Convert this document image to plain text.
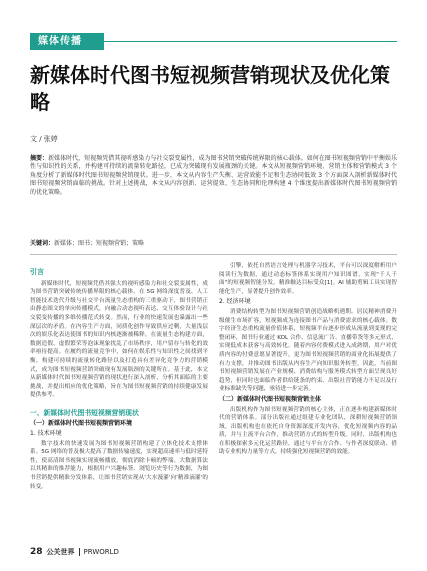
媒体传播
新媒体时代图书短视频营销现状及优化策略
文 / 张婷
摘要：新媒体时代，短视频凭借其视听感染力与社交裂变属性，成为图书营销突破传统界限的核心载体。如何在图书短视频营销中平衡娱乐性与知识性的关系，并构建可持续的流量转化路径，已成为突破现有发展瓶颈的关键。本文从短视频营销环境、营销主体和营销模式 3 个角度分析了新媒体时代图书短视频营销现状。进一步，本文从内容生产失衡、运营效能不足和生态协同低效 3 个方面深入剖析新媒体时代图书短视频营销面临的挑战。针对上述挑战，本文从内容创新、运营提效、生态协同和伦理构建 4 个维度提出新媒体时代图书短视频营销的优化策略。
关键词：新媒体；图书；短视频营销；策略

引言

新媒体时代，短视频凭借其强大的视听感染力和社交裂变属性，成为图书营销突破传统传播界限的核心载体。在 5G 网络深度普及、人工智能技术迭代升级与社交平台流量生态重构的三重驱动下，图书营销正由静态图文的单向传播模式，向融合动态视听表达、交互体验设计与社交裂变传播的多维传播范式转变。然而，行业的快速发展也暴露出一些深层次的矛盾。在内容生产方面，同质化创作导致供应过剩，大量浅层次的娱乐化表达使图书的知识内核逐渐被稀释。在流量生态构建方面，数据造假、虚假繁荣等泡沫现象扰乱了市场秩序，用户留存与转化的效率亟待提高。在履约的流量竞争中，如何在娱乐性与知识性之间找到平衡，构建可持续的流量转化路径以及打造具有差异化竞争力的营销模式，成为图书短视频营销突破现有发展瓶颈的关键所在。基于此，本文从新媒体时代图书短视频营销的现状进行深入剖析，分析其面临的主要挑战，并提出相应的优化策略，旨在为图书短视频营销的持续健康发展提供参考。

一、新媒体时代图书短视频营销现状

（一）新媒体时代图书短视频营销环境

1. 技术环境

数字技术的快速发展为图书短视频营销构建了立体化技术支撑体系。5G 网络的普及极大提高了数据传输速度，实现超高速率与低时延特性，使高清图书视频实现流畅播放，彻底消除卡顿的弊端。大数据算法以其精准的推荐能力，根据用户兴趣标签、浏览历史等行为数据，为图书营销提供精准分发体系，让图书营销实现从'大水漫灌'向'精准滴灌'的转变。

引擎，依托自然语言处理与机器学习技术，平台可以深度解析用户阅读行为数据，通过动态标签体系实现用户知识图谱，实现"千人千面"的短视频智能分发，精准触达目标受众[1]。AI 辅助剪辑工具实现智能化生产，显著提升创作效率。

2. 经济环境

消费结构转型为图书短视频营销创造战略机遇期。居民精神消费升级催生市场扩容，短视频成为连接图书产品与消费需求的核心载体。数字经济生态重构流量价值体系，短视频平台逐步形成从流量到变现的完整闭环，图书行业通过 KOL 合作、信息流广告、直播带货等多元形式，实现低成本获客与高效转化。随着内容付费模式进入成熟期，用户对优质内容的付费意愿显著提升，更为图书短视频营销的商业化拓展提供了有力支撑，并推动图书出版从内容生产向知识服务转型。因此，当前图书短视频营销发展在产业规模、消费结构与服务模式转型方面呈现良好趋势，但同时也面临作者供给链条的约束、出版社营销能力不足以及行业标准缺失等问题，亟待进一步完善。

（二）新媒体时代图书短视频营销主体

出版机构作为图书短视频营销的核心主体，正在逐步构建新媒体时代的营销体系。部分出版社通过组建专业化团队，深耕短视频营销领域，出版机构也在依托自身资源深度开发内容，优化短视频内容的品质，并与主流平台合作，推动营销方式的转型升级。同时，出版机构也在积极探索多元化运营路径，通过与平台方合作、与作者深度联动、借助专业机构力量等方式，持续强化短视频营销的效能。

28 公关世界 PRWORLD
